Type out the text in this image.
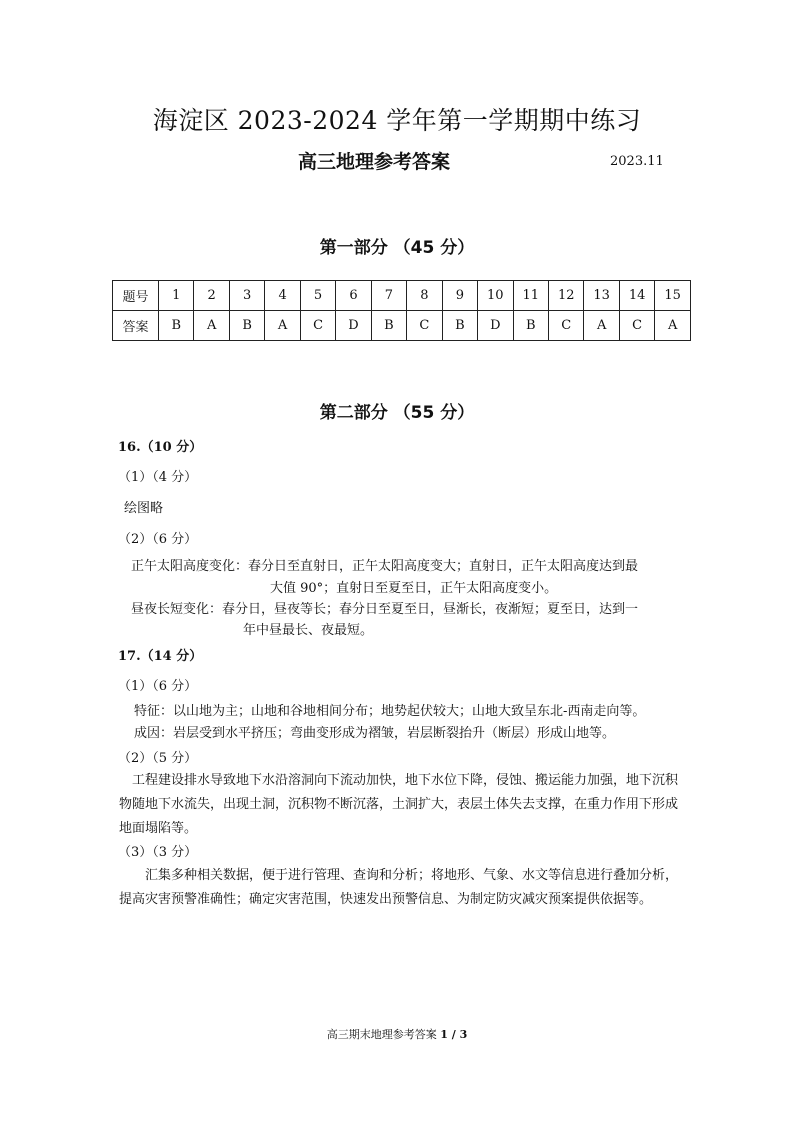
海淀区 2023-2024 学年第一学期期中练习
高三地理参考答案	2023.11
第一部分 （45 分）
题号	1	2	3	4	5	6	7	8	9	10	11	12	13	14	15
答案	B	A	B	A	C	D	B	C	B	D	B	C	A	C	A
第二部分 （55 分）
16.（10 分）
（1）（4 分）
绘图略
（2）（6 分）
正午太阳高度变化：春分日至直射日，正午太阳高度变大；直射日，正午太阳高度达到最
大值 90°；直射日至夏至日，正午太阳高度变小。
昼夜长短变化：春分日，昼夜等长；春分日至夏至日，昼渐长，夜渐短；夏至日，达到一
年中昼最长、夜最短。
17.（14 分）
（1）（6 分）
特征：以山地为主；山地和谷地相间分布；地势起伏较大；山地大致呈东北-西南走向等。
成因：岩层受到水平挤压；弯曲变形成为褶皱，岩层断裂抬升（断层）形成山地等。
（2）（5 分）
工程建设排水导致地下水沿溶洞向下流动加快，地下水位下降，侵蚀、搬运能力加强，地下沉积物随地下水流失，出现土洞，沉积物不断沉落，土洞扩大，表层土体失去支撑，在重力作用下形成地面塌陷等。
（3）（3 分）
汇集多种相关数据，便于进行管理、查询和分析；将地形、气象、水文等信息进行叠加分析，提高灾害预警准确性；确定灾害范围，快速发出预警信息、为制定防灾减灾预案提供依据等。
高三期末地理参考答案 1 / 3
